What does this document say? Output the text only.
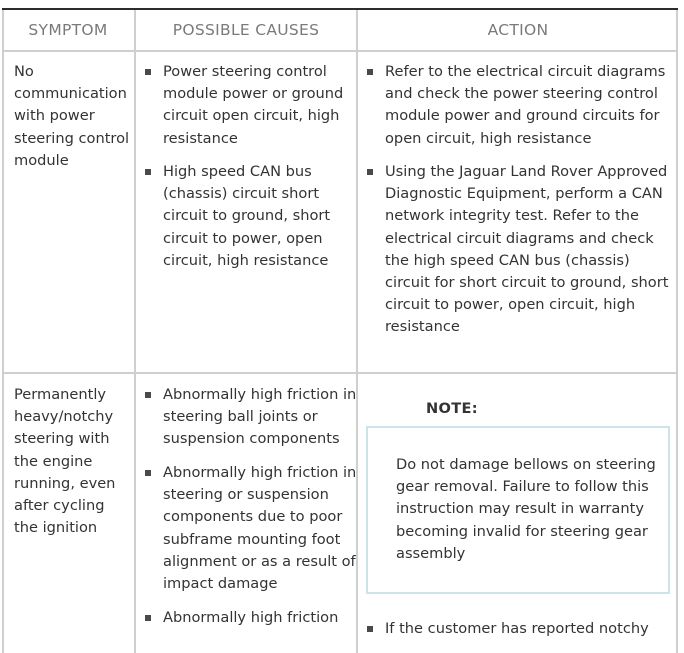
SYMPTOM	POSSIBLE CAUSES	ACTION
No communication with power steering control module
Power steering control module power or ground circuit open circuit, high resistance
High speed CAN bus (chassis) circuit short circuit to ground, short circuit to power, open circuit, high resistance
Refer to the electrical circuit diagrams and check the power steering control module power and ground circuits for open circuit, high resistance
Using the Jaguar Land Rover Approved Diagnostic Equipment, perform a CAN network integrity test. Refer to the electrical circuit diagrams and check the high speed CAN bus (chassis) circuit for short circuit to ground, short circuit to power, open circuit, high resistance
Permanently heavy/notchy steering with the engine running, even after cycling the ignition
Abnormally high friction in steering ball joints or suspension components
Abnormally high friction in steering or suspension components due to poor subframe mounting foot alignment or as a result of impact damage
Abnormally high friction
NOTE:
Do not damage bellows on steering gear removal. Failure to follow this instruction may result in warranty becoming invalid for steering gear assembly
If the customer has reported notchy
